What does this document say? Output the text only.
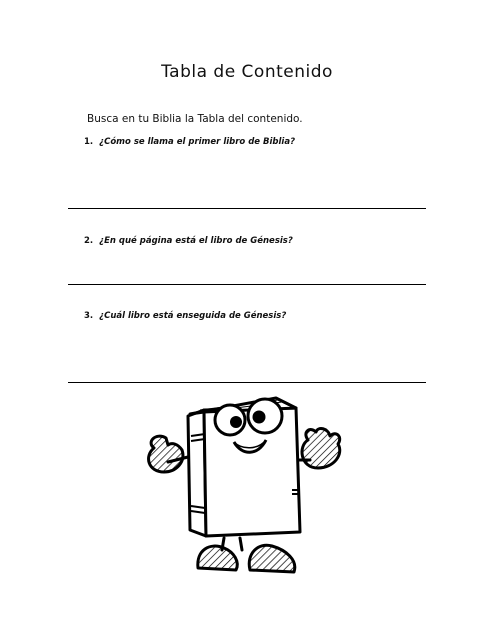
Tabla de Contenido
Busca en tu Biblia la Tabla del contenido.
1. ¿Cómo se llama el primer libro de Biblia?
2. ¿En qué página está el libro de Génesis?
3. ¿Cuál libro está enseguida de Génesis?
